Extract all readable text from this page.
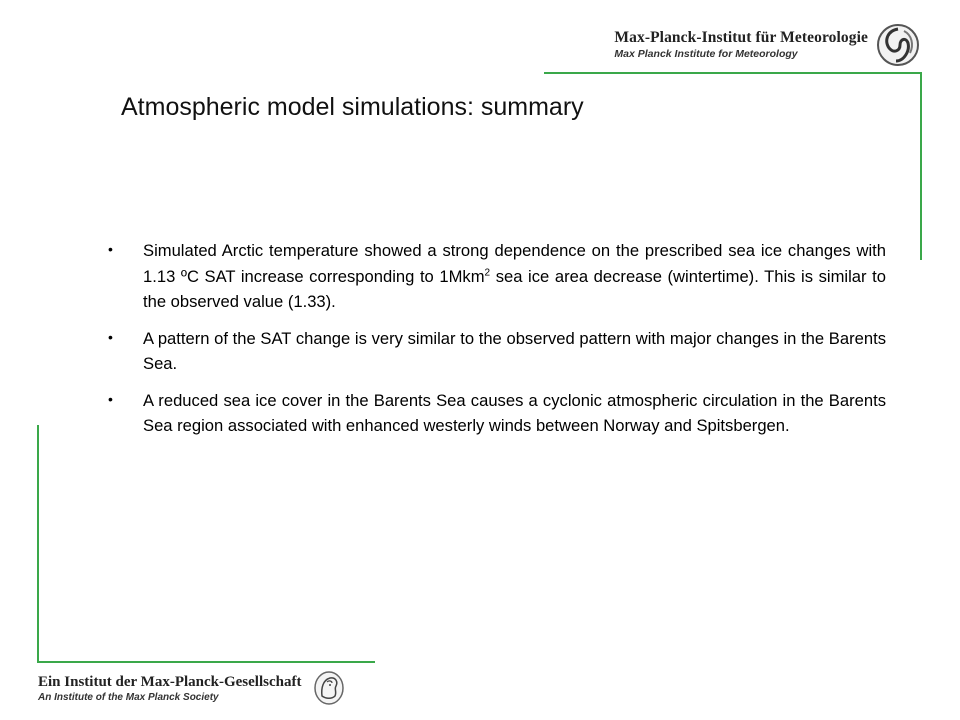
Max-Planck-Institut für Meteorologie
Max Planck Institute for Meteorology
Atmospheric model simulations: summary
• Simulated Arctic temperature showed a strong dependence on the prescribed sea ice changes with 1.13 ºC SAT increase corresponding to 1Mkm$^2$ sea ice area decrease (wintertime). This is similar to the observed value (1.33).
• A pattern of the SAT change is very similar to the observed pattern with major changes in the Barents Sea.
• A reduced sea ice cover in the Barents Sea causes a cyclonic atmospheric circulation in the Barents Sea region associated with enhanced westerly winds between Norway and Spitsbergen.
Ein Institut der Max-Planck-Gesellschaft
An Institute of the Max Planck Society
